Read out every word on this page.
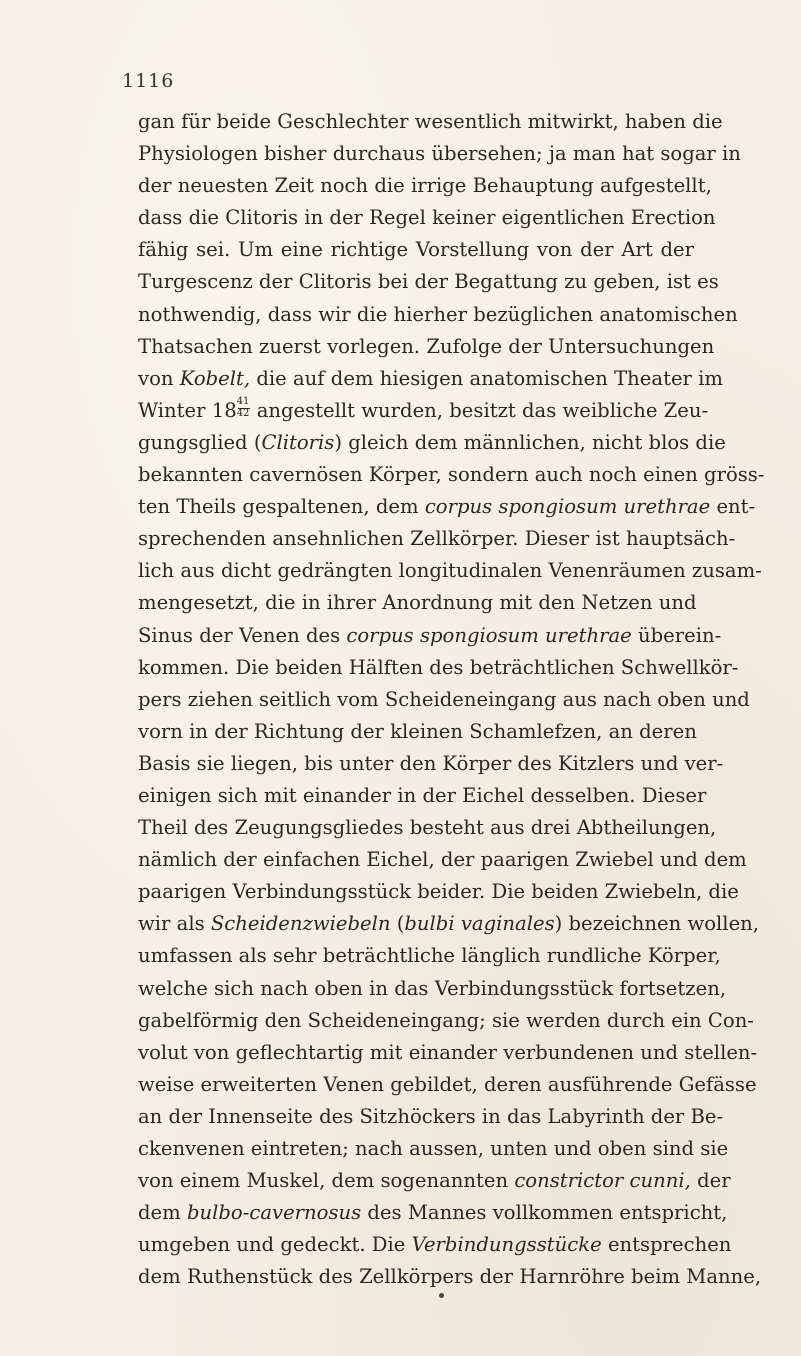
1116
gan für beide Geschlechter wesentlich mitwirkt, haben die
Physiologen bisher durchaus übersehen; ja man hat sogar in
der neuesten Zeit noch die irrige Behauptung aufgestellt,
dass die Clitoris in der Regel keiner eigentlichen Erection
fähig sei. Um eine richtige Vorstellung von der Art der
Turgescenz der Clitoris bei der Begattung zu geben, ist es
nothwendig, dass wir die hierher bezüglichen anatomischen
Thatsachen zuerst vorlegen. Zufolge der Untersuchungen
von Kobelt, die auf dem hiesigen anatomischen Theater im
Winter $18 \frac{41}{42}$ angestellt wurden, besitzt das weibliche Zeu-
gungsglied (Clitoris) gleich dem männlichen, nicht blos die
bekannten cavernösen Körper, sondern auch noch einen gröss-
ten Theils gespaltenen, dem corpus spongiosum urethrae ent-
sprechenden ansehnlichen Zellkörper. Dieser ist hauptsäch-
lich aus dicht gedrängten longitudinalen Venenräumen zusam-
mengesetzt, die in ihrer Anordnung mit den Netzen und
Sinus der Venen des corpus spongiosum urethrae überein-
kommen. Die beiden Hälften des beträchtlichen Schwellkör-
pers ziehen seitlich vom Scheideneingang aus nach oben und
vorn in der Richtung der kleinen Schamlefzen, an deren
Basis sie liegen, bis unter den Körper des Kitzlers und ver-
einigen sich mit einander in der Eichel desselben. Dieser
Theil des Zeugungsgliedes besteht aus drei Abtheilungen,
nämlich der einfachen Eichel, der paarigen Zwiebel und dem
paarigen Verbindungsstück beider. Die beiden Zwiebeln, die
wir als Scheidenzwiebeln (bulbi vaginales) bezeichnen wollen,
umfassen als sehr beträchtliche länglich rundliche Körper,
welche sich nach oben in das Verbindungsstück fortsetzen,
gabelförmig den Scheideneingang; sie werden durch ein Con-
volut von geflechtartig mit einander verbundenen und stellen-
weise erweiterten Venen gebildet, deren ausführende Gefässe
an der Innenseite des Sitzhöckers in das Labyrinth der Be-
ckenvenen eintreten; nach aussen, unten und oben sind sie
von einem Muskel, dem sogenannten constrictor cunni, der
dem bulbo-cavernosus des Mannes vollkommen entspricht,
umgeben und gedeckt. Die Verbindungsstücke entsprechen
dem Ruthenstück des Zellkörpers der Harnröhre beim Manne,
